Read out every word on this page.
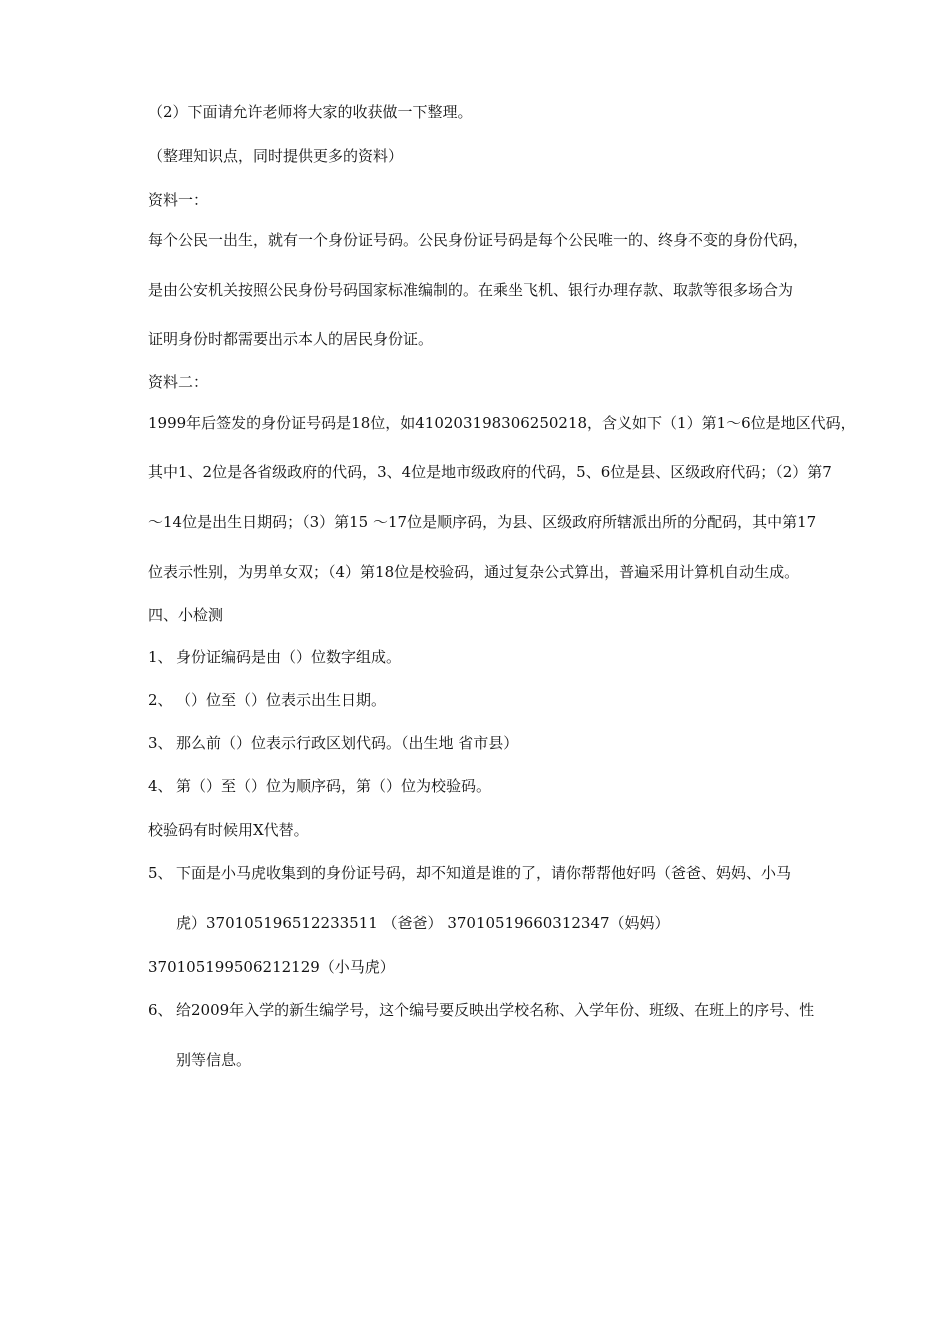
（2）下面请允许老师将大家的收获做一下整理。
（整理知识点，同时提供更多的资料）
资料一：
每个公民一出生，就有一个身份证号码。公民身份证号码是每个公民唯一的、终身不变的身份代码，
是由公安机关按照公民身份号码国家标准编制的。在乘坐飞机、银行办理存款、取款等很多场合为
证明身份时都需要出示本人的居民身份证。
资料二：
1999年后签发的身份证号码是18位，如410203198306250218，含义如下（1）第1～6位是地区代码，
其中1、2位是各省级政府的代码，3、4位是地市级政府的代码，5、6位是县、区级政府代码；（2）第7
～14位是出生日期码；（3）第15 ～17位是顺序码，为县、区级政府所辖派出所的分配码，其中第17
位表示性别，为男单女双；（4）第18位是校验码，通过复杂公式算出，普遍采用计算机自动生成。
四、小检测
1、 身份证编码是由（）位数字组成。
2、 （）位至（）位表示出生日期。
3、 那么前（）位表示行政区划代码。（出生地 省市县）
4、 第（）至（）位为顺序码，第（）位为校验码。
校验码有时候用X代替。
5、 下面是小马虎收集到的身份证号码，却不知道是谁的了，请你帮帮他好吗（爸爸、妈妈、小马
虎）370105196512233511 （爸爸） 37010519660312347（妈妈）
370105199506212129（小马虎）
6、 给2009年入学的新生编学号，这个编号要反映出学校名称、入学年份、班级、在班上的序号、性
别等信息。
